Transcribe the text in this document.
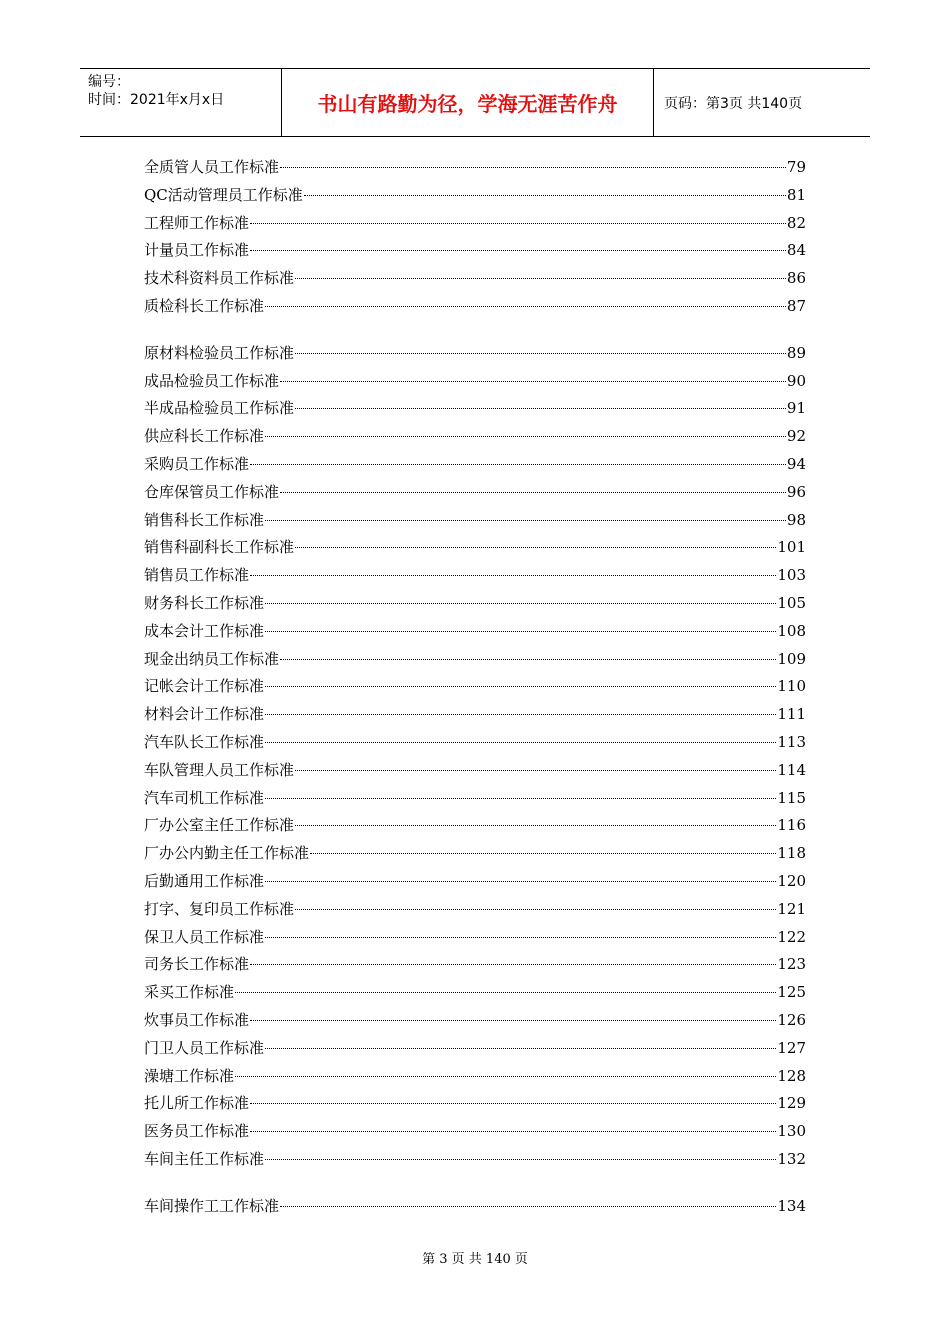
编号：
时间：2021年x月x日	书山有路勤为径，学海无涯苦作舟	页码：第3页 共140页
全质管人员工作标准	79
QC活动管理员工作标准	81
工程师工作标准	82
计量员工作标准	84
技术科资料员工作标准	86
质检科长工作标准	87
原材料检验员工作标准	89
成品检验员工作标准	90
半成品检验员工作标准	91
供应科长工作标准	92
采购员工作标准	94
仓库保管员工作标准	96
销售科长工作标准	98
销售科副科长工作标准	101
销售员工作标准	103
财务科长工作标准	105
成本会计工作标准	108
现金出纳员工作标准	109
记帐会计工作标准	110
材料会计工作标准	111
汽车队长工作标准	113
车队管理人员工作标准	114
汽车司机工作标准	115
厂办公室主任工作标准	116
厂办公内勤主任工作标准	118
后勤通用工作标准	120
打字、复印员工作标准	121
保卫人员工作标准	122
司务长工作标准	123
采买工作标准	125
炊事员工作标准	126
门卫人员工作标准	127
澡塘工作标准	128
托儿所工作标准	129
医务员工作标准	130
车间主任工作标准	132
车间操作工工作标准	134
第 3 页 共 140 页
